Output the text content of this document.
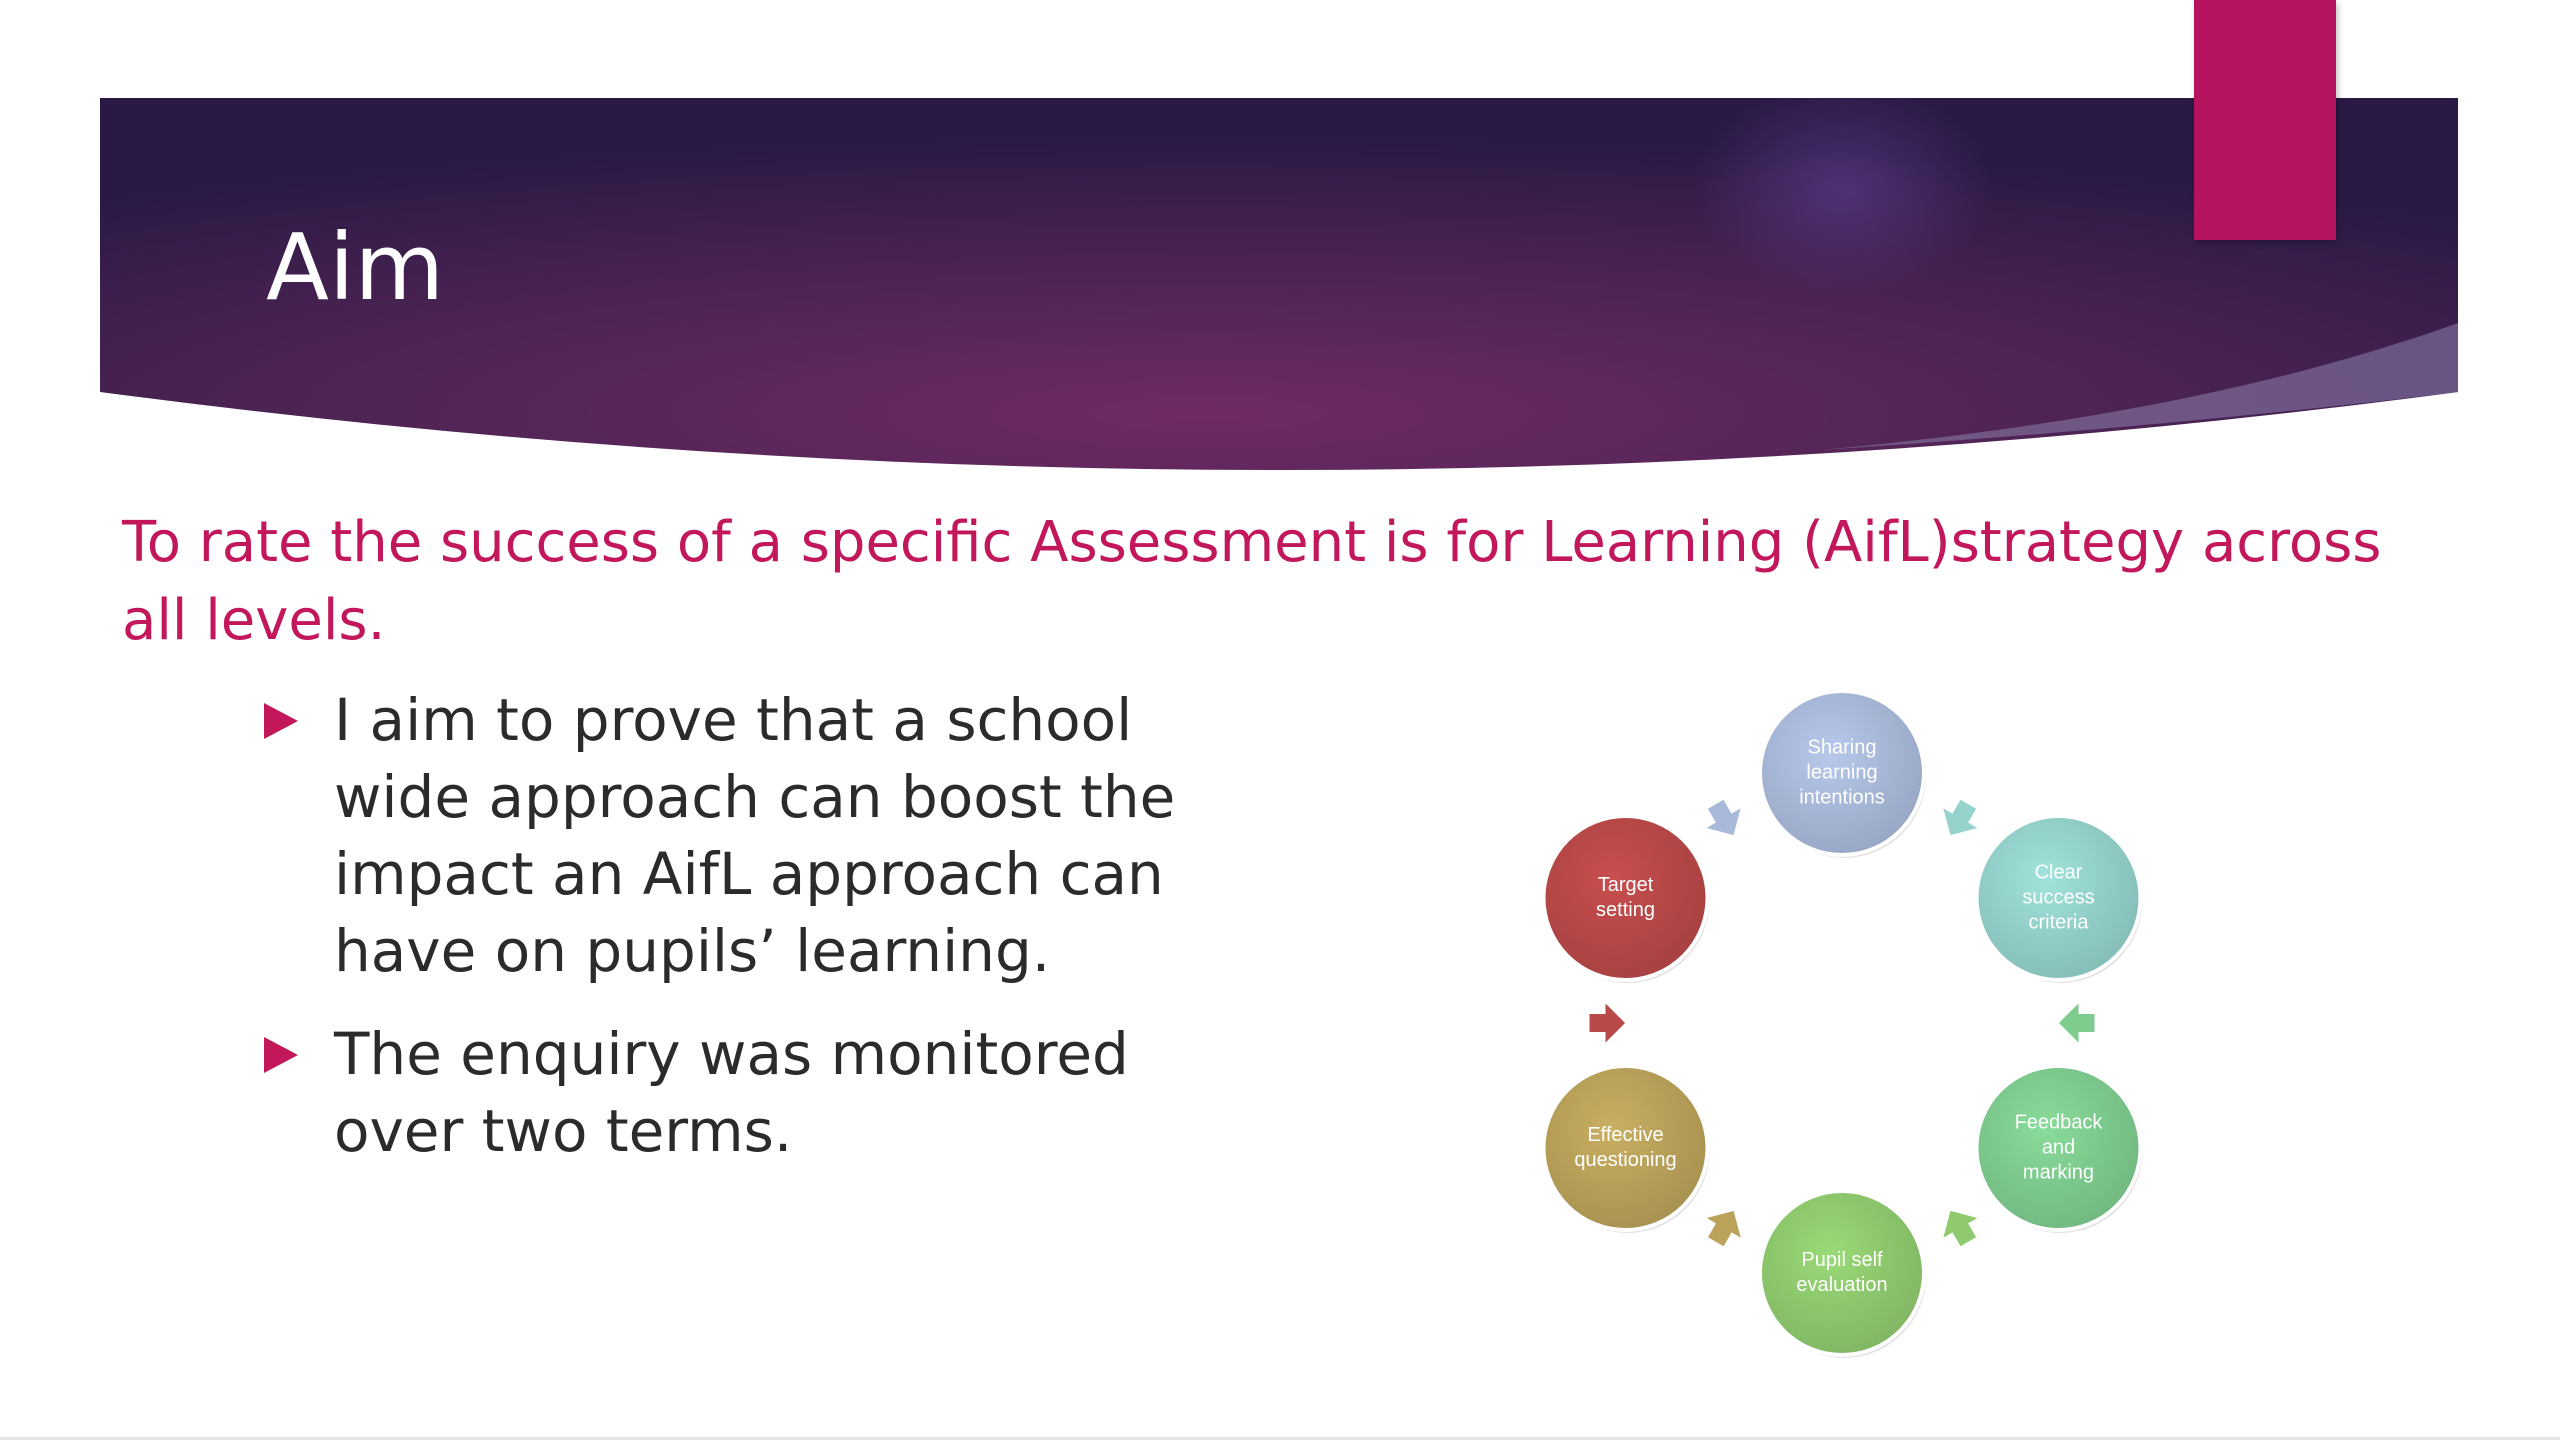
Aim

To rate the success of a specific Assessment is for Learning (AifL)strategy across all levels.

I aim to prove that a school wide approach can boost the impact an AifL approach can have on pupils’ learning.
The enquiry was monitored over two terms.
Sharing
learning
intentions
Clear
success
criteria
Feedback
and
marking
Pupil self
evaluation
Effective
questioning
Target
setting
